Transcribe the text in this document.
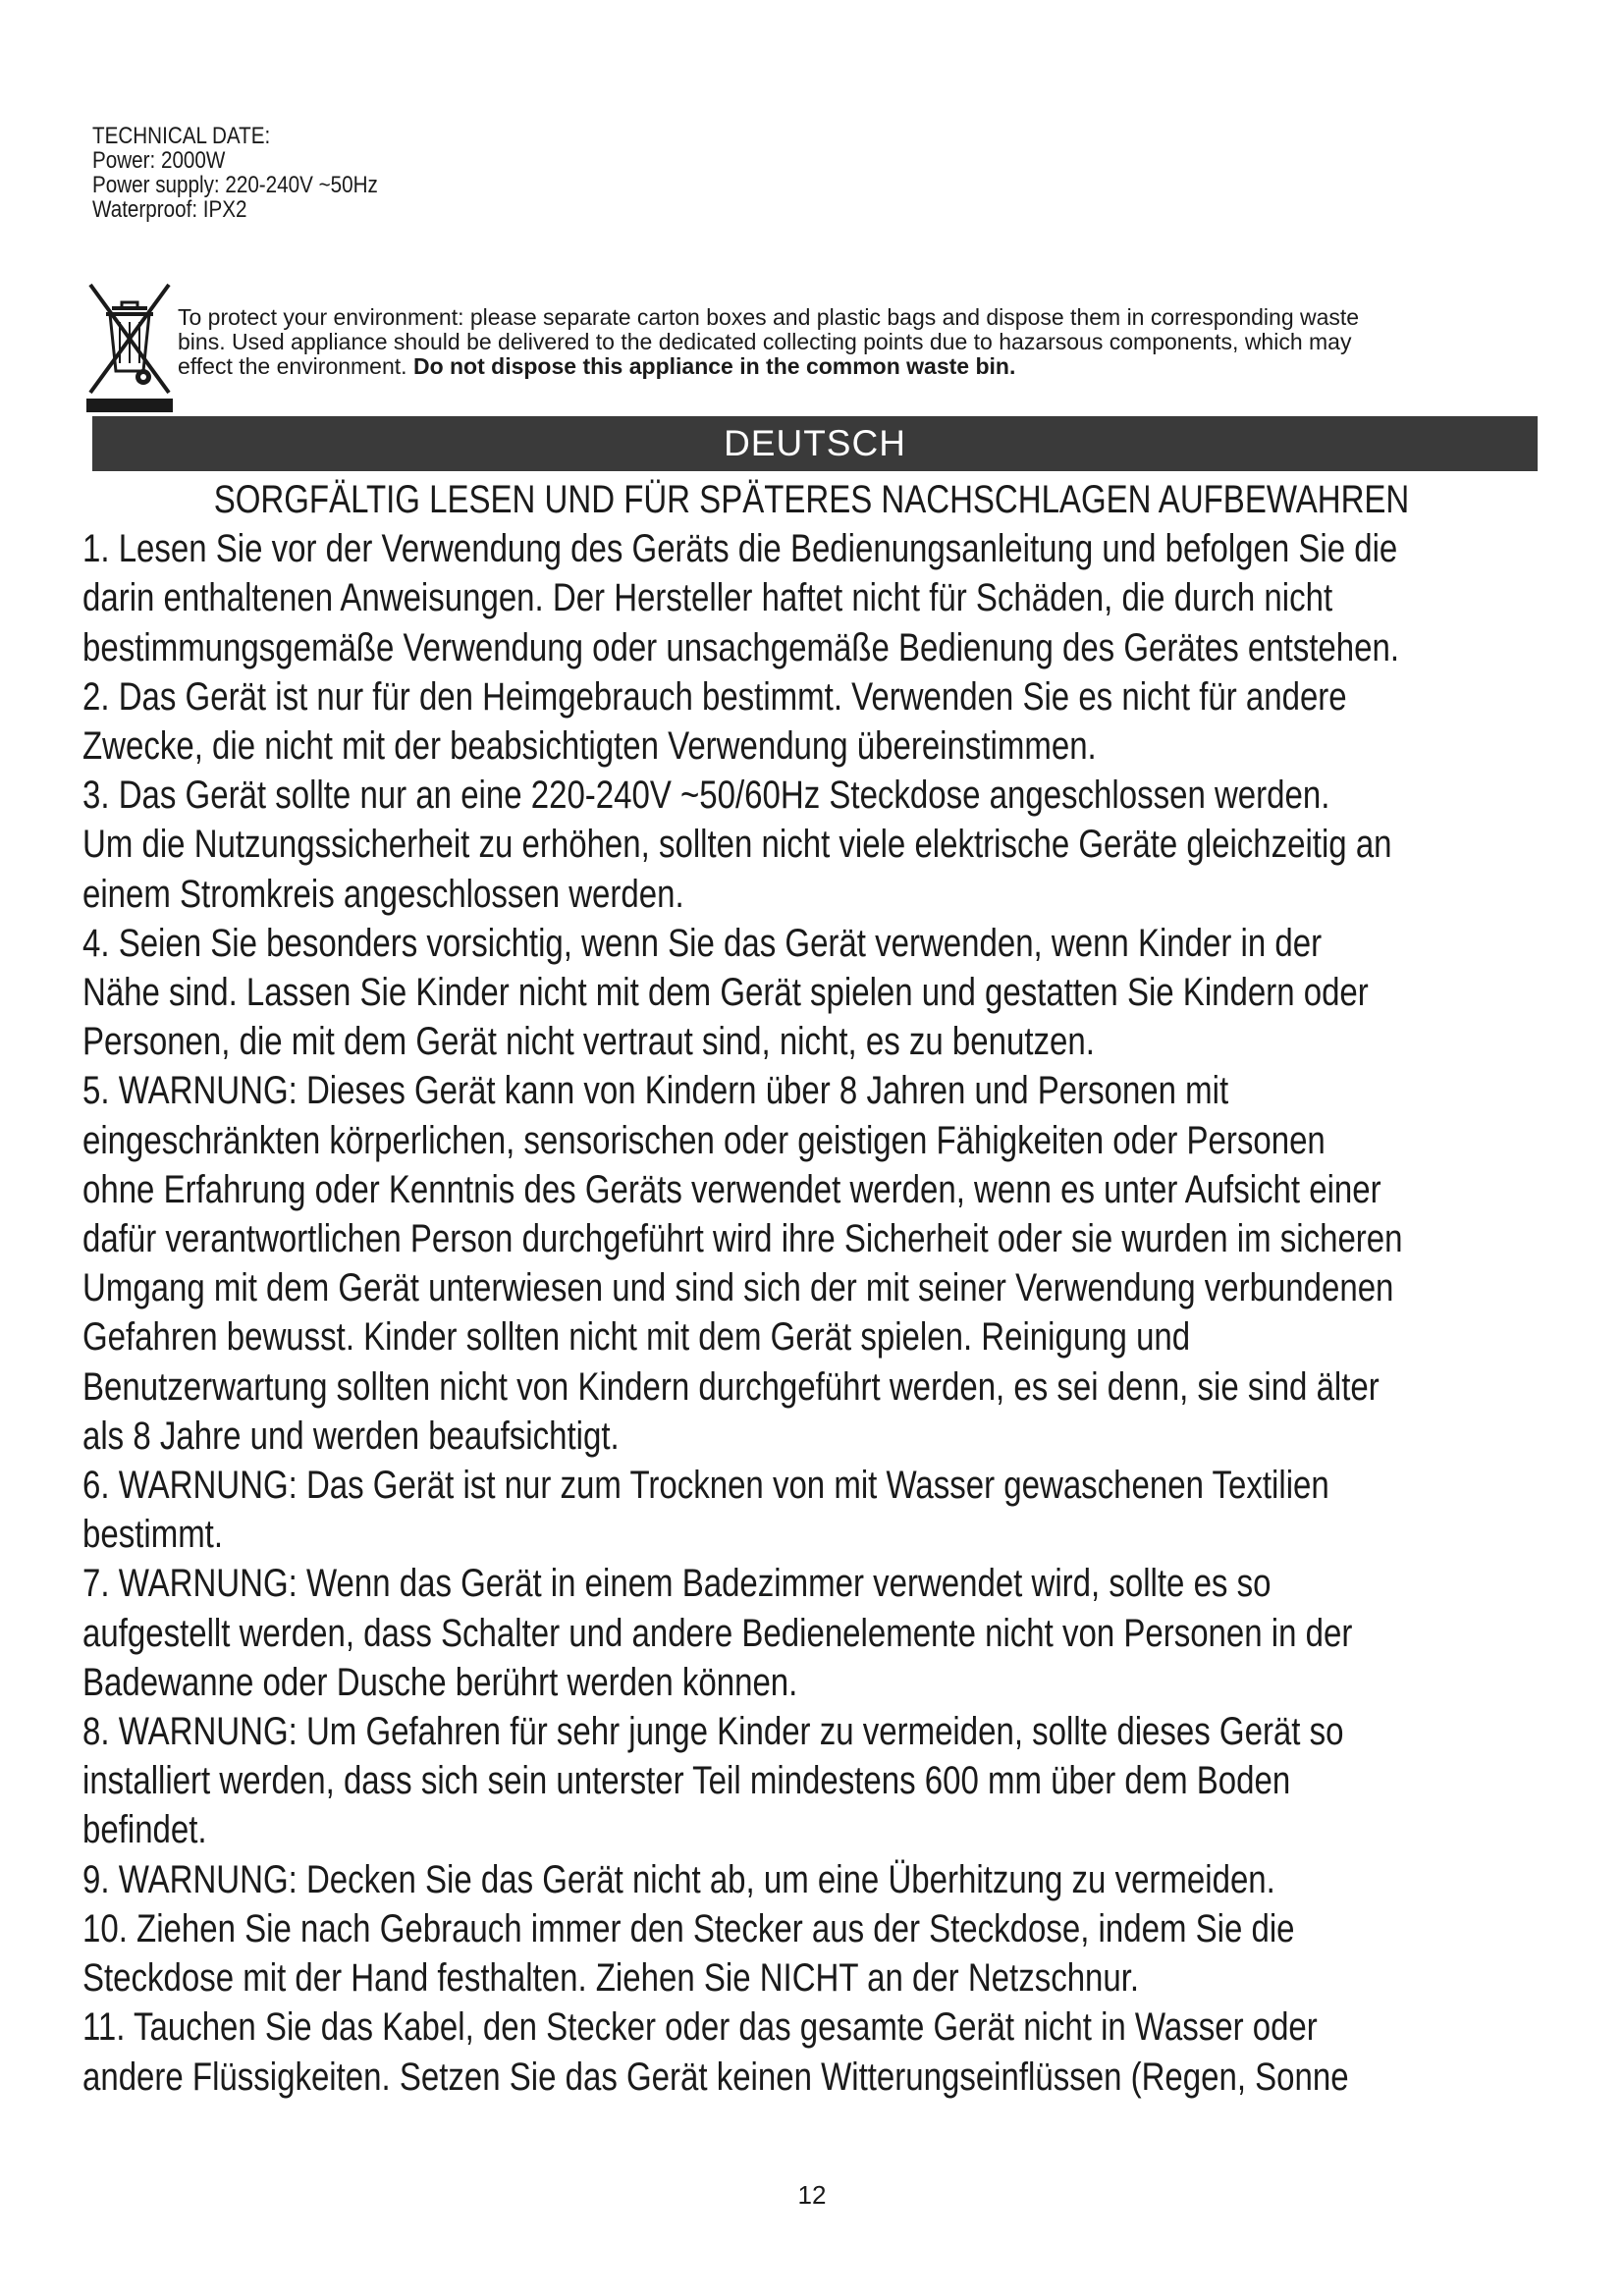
TECHNICAL DATE:
Power: 2000W
Power supply: 220-240V ~50Hz
Waterproof: IPX2

To protect your environment: please separate carton boxes and plastic bags and dispose them in corresponding waste

bins. Used appliance should be delivered to the dedicated collecting points due to hazarsous components, which may

effect the environment. Do not dispose this appliance in the common waste bin.

DEUTSCH
SORGFÄLTIG LESEN UND FÜR SPÄTERES NACHSCHLAGEN AUFBEWAHREN
1. Lesen Sie vor der Verwendung des Geräts die Bedienungsanleitung und befolgen Sie die
darin enthaltenen Anweisungen. Der Hersteller haftet nicht für Schäden, die durch nicht
bestimmungsgemäße Verwendung oder unsachgemäße Bedienung des Gerätes entstehen.
2. Das Gerät ist nur für den Heimgebrauch bestimmt. Verwenden Sie es nicht für andere
Zwecke, die nicht mit der beabsichtigten Verwendung übereinstimmen.
3. Das Gerät sollte nur an eine 220-240V ~50/60Hz Steckdose angeschlossen werden.
Um die Nutzungssicherheit zu erhöhen, sollten nicht viele elektrische Geräte gleichzeitig an
einem Stromkreis angeschlossen werden.
4. Seien Sie besonders vorsichtig, wenn Sie das Gerät verwenden, wenn Kinder in der
Nähe sind. Lassen Sie Kinder nicht mit dem Gerät spielen und gestatten Sie Kindern oder
Personen, die mit dem Gerät nicht vertraut sind, nicht, es zu benutzen.
5. WARNUNG: Dieses Gerät kann von Kindern über 8 Jahren und Personen mit
eingeschränkten körperlichen, sensorischen oder geistigen Fähigkeiten oder Personen
ohne Erfahrung oder Kenntnis des Geräts verwendet werden, wenn es unter Aufsicht einer
dafür verantwortlichen Person durchgeführt wird ihre Sicherheit oder sie wurden im sicheren
Umgang mit dem Gerät unterwiesen und sind sich der mit seiner Verwendung verbundenen
Gefahren bewusst. Kinder sollten nicht mit dem Gerät spielen. Reinigung und
Benutzerwartung sollten nicht von Kindern durchgeführt werden, es sei denn, sie sind älter
als 8 Jahre und werden beaufsichtigt.
6. WARNUNG: Das Gerät ist nur zum Trocknen von mit Wasser gewaschenen Textilien
bestimmt.
7. WARNUNG: Wenn das Gerät in einem Badezimmer verwendet wird, sollte es so
aufgestellt werden, dass Schalter und andere Bedienelemente nicht von Personen in der
Badewanne oder Dusche berührt werden können.
8. WARNUNG: Um Gefahren für sehr junge Kinder zu vermeiden, sollte dieses Gerät so
installiert werden, dass sich sein unterster Teil mindestens 600 mm über dem Boden
befindet.
9. WARNUNG: Decken Sie das Gerät nicht ab, um eine Überhitzung zu vermeiden.
10. Ziehen Sie nach Gebrauch immer den Stecker aus der Steckdose, indem Sie die
Steckdose mit der Hand festhalten. Ziehen Sie NICHT an der Netzschnur.
11. Tauchen Sie das Kabel, den Stecker oder das gesamte Gerät nicht in Wasser oder
andere Flüssigkeiten. Setzen Sie das Gerät keinen Witterungseinflüssen (Regen, Sonne
12
